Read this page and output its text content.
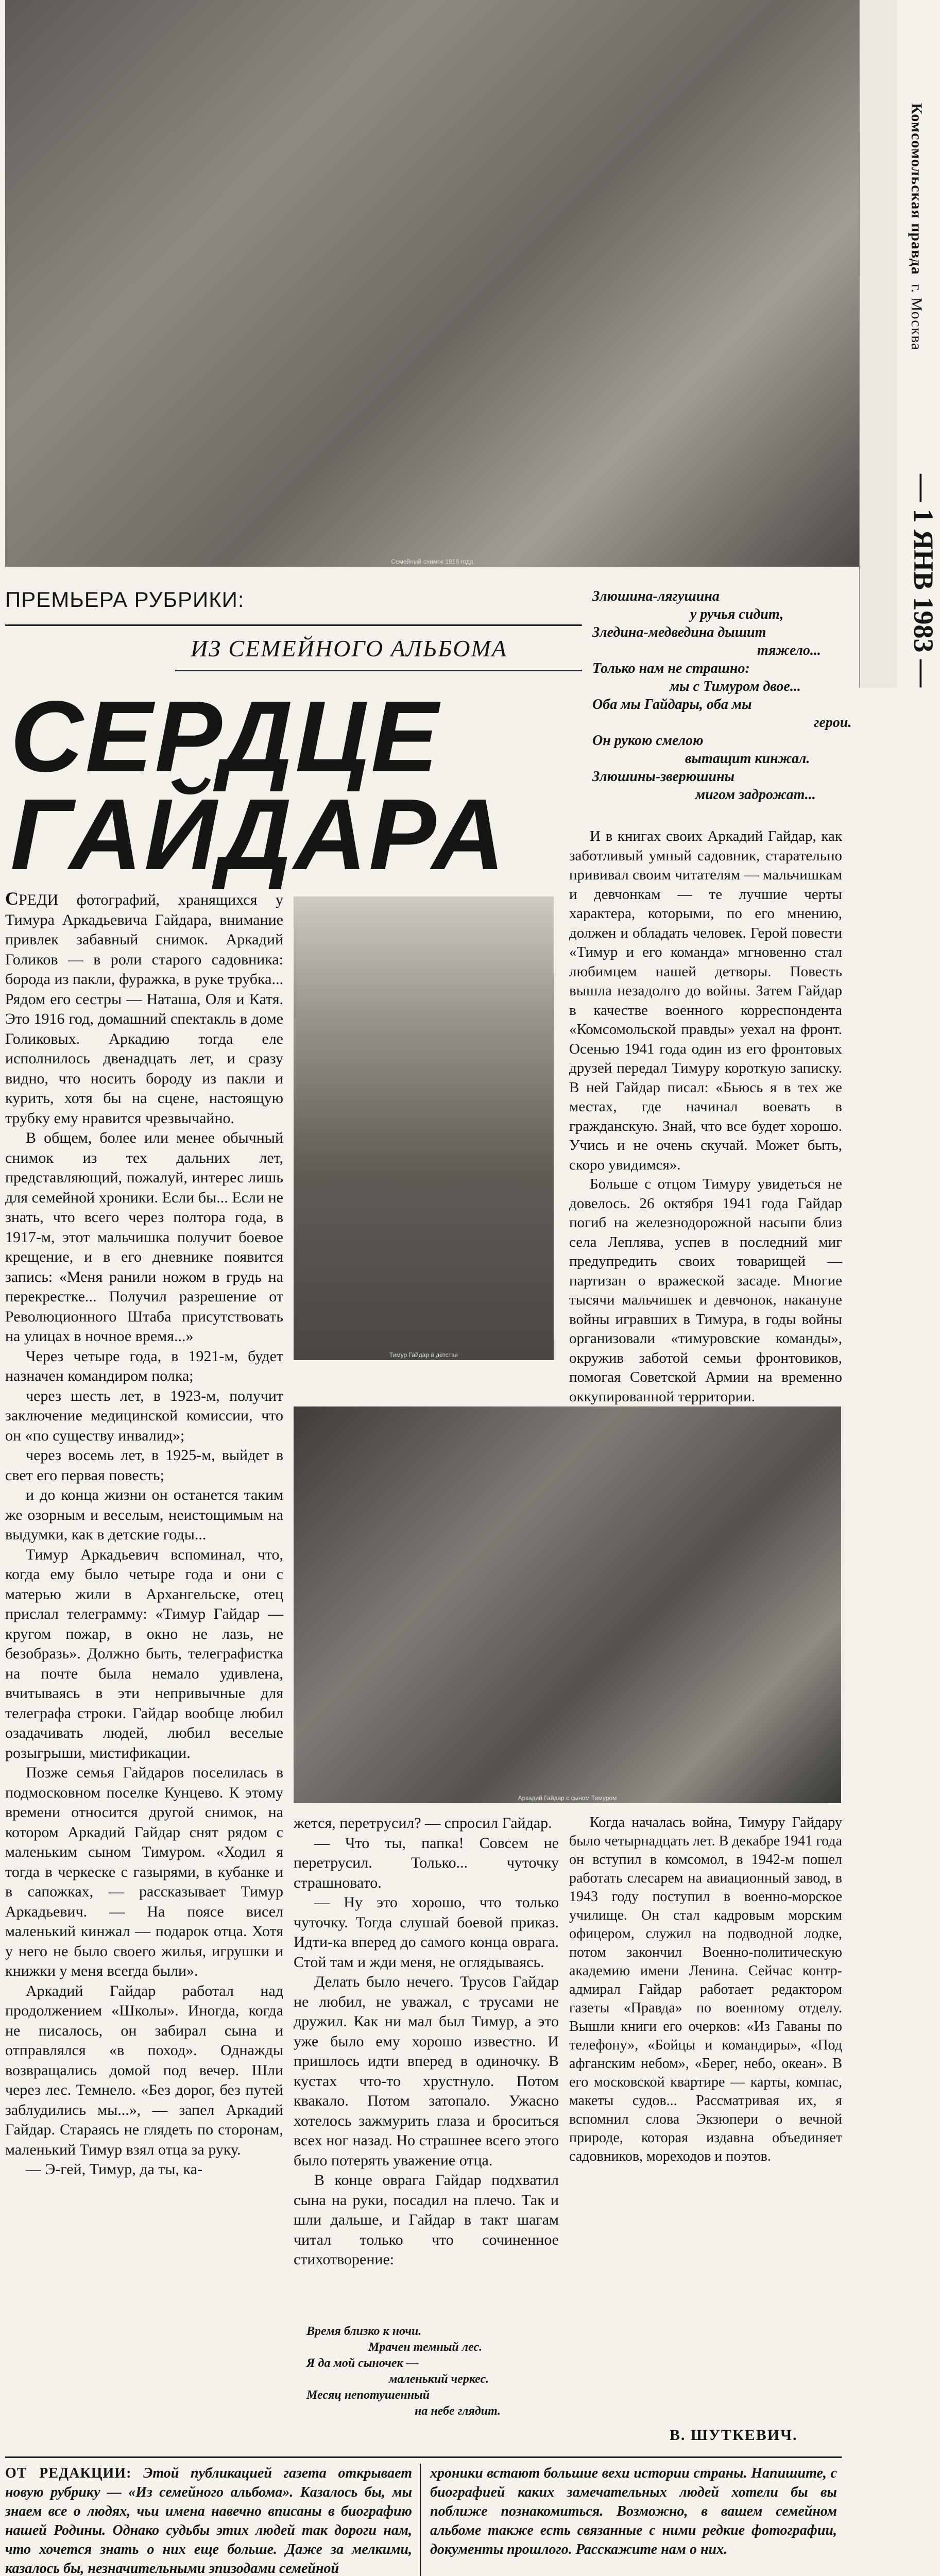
Семейный снимок 1916 года
Комсомольская правда  г. Москва
— 1 ЯНВ 1983 —
ПРЕМЬЕРА РУБРИКИ:
ИЗ СЕМЕЙНОГО АЛЬБОМА
СЕРДЦЕ
ГАЙДАРА
Злюшина-лягушина
у ручья сидит,
Зледина-медведина дышит
тяжело...
Только нам не страшно:
мы с Тимуром двое...
Оба мы Гайдары, оба мы
герои.
Он рукою смелою
вытащит кинжал.
Злюшины-зверюшины
мигом задрожат...
Тимур Гайдар в детстве
Аркадий Гайдар с сыном Тимуром

СРЕДИ фотографий, хранящихся у Тимура Аркадьевича Гайдара, внимание привлек забавный снимок. Аркадий Голиков — в роли старого садовника: борода из пакли, фуражка, в руке трубка... Рядом его сестры — Наташа, Оля и Катя. Это 1916 год, домашний спектакль в доме Голиковых. Аркадию тогда еле исполнилось двенадцать лет, и сразу видно, что носить бороду из пакли и курить, хотя бы на сцене, настоящую трубку ему нравится чрезвычайно.

В общем, более или менее обычный снимок из тех дальних лет, представляющий, пожалуй, интерес лишь для семейной хроники. Если бы... Если не знать, что всего через полтора года, в 1917-м, этот мальчишка получит боевое крещение, и в его дневнике появится запись: «Меня ранили ножом в грудь на перекрестке... Получил разрешение от Революционного Штаба присутствовать на улицах в ночное время...»

Через четыре года, в 1921-м, будет назначен командиром полка;

через шесть лет, в 1923-м, получит заключение медицинской комиссии, что он «по существу инвалид»;

через восемь лет, в 1925-м, выйдет в свет его первая повесть;

и до конца жизни он останется таким же озорным и веселым, неистощимым на выдумки, как в детские годы...

Тимур Аркадьевич вспоминал, что, когда ему было четыре года и они с матерью жили в Архангельске, отец прислал телеграмму: «Тимур Гайдар — кругом пожар, в окно не лазь, не безобразь». Должно быть, телеграфистка на почте была немало удивлена, вчитываясь в эти непривычные для телеграфа строки. Гайдар вообще любил озадачивать людей, любил веселые розыгрыши, мистификации.

Позже семья Гайдаров поселилась в подмосковном поселке Кунцево. К этому времени относится другой снимок, на котором Аркадий Гайдар снят рядом с маленьким сыном Тимуром. «Ходил я тогда в черкеске с газырями, в кубанке и в сапожках, — рассказывает Тимур Аркадьевич. — На поясе висел маленький кинжал — подарок отца. Хотя у него не было своего жилья, игрушки и книжки у меня всегда были».

Аркадий Гайдар работал над продолжением «Школы». Иногда, когда не писалось, он забирал сына и отправлялся «в поход». Однажды возвращались домой под вечер. Шли через лес. Темнело. «Без дорог, без путей заблудились мы...», — запел Аркадий Гайдар. Стараясь не глядеть по сторонам, маленький Тимур взял отца за руку.

— Э-гей, Тимур, да ты, ка-

жется, перетрусил? — спросил Гайдар.

— Что ты, папка! Совсем не перетрусил. Только... чуточку страшновато.

— Ну это хорошо, что только чуточку. Тогда слушай боевой приказ. Идти-ка вперед до самого конца оврага. Стой там и жди меня, не оглядываясь.

Делать было нечего. Трусов Гайдар не любил, не уважал, с трусами не дружил. Как ни мал был Тимур, а это уже было ему хорошо известно. И пришлось идти вперед в одиночку. В кустах что-то хрустнуло. Потом квакало. Потом затопало. Ужасно хотелось зажмурить глаза и броситься всех ног назад. Но страшнее всего этого было потерять уважение отца.

В конце оврага Гайдар подхватил сына на руки, посадил на плечо. Так и шли дальше, и Гайдар в такт шагам читал только что сочиненное стихотворение:

Время близко к ночи.
Мрачен темный лес.
Я да мой сыночек —
маленький черкес.
Месяц непотушенный
на небе глядит.

И в книгах своих Аркадий Гайдар, как заботливый умный садовник, старательно прививал своим читателям — мальчишкам и девчонкам — те лучшие черты характера, которыми, по его мнению, должен и обладать человек. Герой повести «Тимур и его команда» мгновенно стал любимцем нашей детворы. Повесть вышла незадолго до войны. Затем Гайдар в качестве военного корреспондента «Комсомольской правды» уехал на фронт. Осенью 1941 года один из его фронтовых друзей передал Тимуру короткую записку. В ней Гайдар писал: «Бьюсь я в тех же местах, где начинал воевать в гражданскую. Знай, что все будет хорошо. Учись и не очень скучай. Может быть, скоро увидимся».

Больше с отцом Тимуру увидеться не довелось. 26 октября 1941 года Гайдар погиб на железнодорожной насыпи близ села Леплява, успев в последний миг предупредить своих товарищей — партизан о вражеской засаде. Многие тысячи мальчишек и девчонок, накануне войны игравших в Тимура, в годы войны организовали «тимуровские команды», окружив заботой семьи фронтовиков, помогая Советской Армии на временно оккупированной территории.

Когда началась война, Тимуру Гайдару было четырнадцать лет. В декабре 1941 года он вступил в комсомол, в 1942-м пошел работать слесарем на авиационный завод, в 1943 году поступил в военно-морское училище. Он стал кадровым морским офицером, служил на подводной лодке, потом закончил Военно-политическую академию имени Ленина. Сейчас контр-адмирал Гайдар работает редактором газеты «Правда» по военному отделу. Вышли книги его очерков: «Из Гаваны по телефону», «Бойцы и командиры», «Под афганским небом», «Берег, небо, океан». В его московской квартире — карты, компас, макеты судов... Рассматривая их, я вспомнил слова Экзюпери о вечной природе, которая издавна объединяет садовников, мореходов и поэтов.

В. ШУТКЕВИЧ.
ОТ РЕДАКЦИИ: Этой публикацией газета открывает новую рубрику — «Из семейного альбома». Казалось бы, мы знаем все о людях, чьи имена навечно вписаны в биографию нашей Родины. Однако судьбы этих людей так дороги нам, что хочется знать о них еще больше. Даже за мелкими, казалось бы, незначительными эпизодами семейной
хроники встают большие вехи истории страны. Напишите, с биографией каких замечательных людей хотели бы вы поближе познакомиться. Возможно, в вашем семейном альбоме также есть связанные с ними редкие фотографии, документы прошлого. Расскажите нам о них.
